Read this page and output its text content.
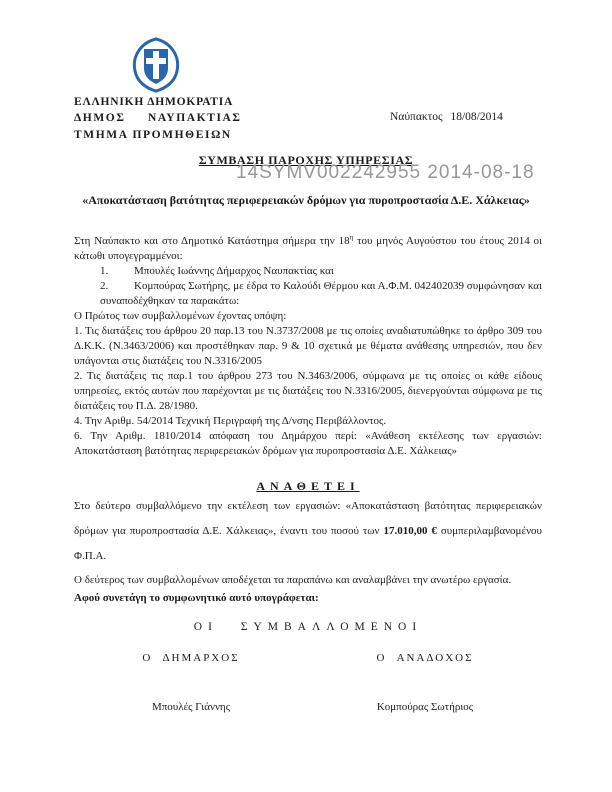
ΕΛΛΗΝΙΚΗ ΔΗΜΟΚΡΑΤΙΑ
ΔΗΜΟΣ ΝΑΥΠΑΚΤΙΑΣ
ΤΜΗΜΑ ΠΡΟΜΗΘΕΙΩΝ
Ναύπακτος 18/08/2014
ΣΥΜΒΑΣΗ ΠΑΡΟΧΗΣ ΥΠΗΡΕΣΙΑΣ
14SYMV002242955 2014-08-18
«Αποκατάσταση βατότητας περιφερειακών δρόμων για πυροπροστασία Δ.Ε. Χάλκειας»

Στη Ναύπακτο και στο Δημοτικό Κατάστημα σήμερα την $18^\eta$ του μηνός Αυγούστου του έτους 2014 οι κάτωθι υπογεγραμμένοι:

1. Μπουλές Ιωάννης Δήμαρχος Ναυπακτίας και
2. Κομπούρας Σωτήρης, με έδρα το Καλούδι Θέρμου και Α.Φ.Μ. 042402039 συμφώνησαν και συναποδέχθηκαν τα παρακάτω:

Ο Πρώτος των συμβαλλομένων έχοντας υπόψη:

1. Τις διατάξεις του άρθρου 20 παρ.13 του Ν.3737/2008 με τις οποίες αναδιατυπώθηκε το άρθρο 309 του Δ.Κ.Κ. (Ν.3463/2006) και προστέθηκαν παρ. 9 & 10 σχετικά με θέματα ανάθεσης υπηρεσιών, που δεν υπάγονται στις διατάξεις του Ν.3316/2005

2. Τις διατάξεις τις παρ.1 του άρθρου 273 του Ν.3463/2006, σύμφωνα με τις οποίες οι κάθε είδους υπηρεσίες, εκτός αυτών που παρέχονται με τις διατάξεις του Ν.3316/2005, διενεργούνται σύμφωνα με τις διατάξεις του Π.Δ. 28/1980.

4. Την Αριθμ. 54/2014 Τεχνική Περιγραφή της Δ/νσης Περιβάλλοντος.

6. Την Αριθμ. 1810/2014 απόφαση του Δημάρχου περί: «Ανάθεση εκτέλεσης των εργασιών: Αποκατάσταση βατότητας περιφερειακών δρόμων για πυροπροστασία Δ.Ε. Χάλκειας»

ΑΝΑΘΕΤΕΙ

Στο δεύτερο συμβαλλόμενο την εκτέλεση των εργασιών: «Αποκατάσταση βατότητας περιφερειακών δρόμων για πυροπροστασία Δ.Ε. Χάλκειας», έναντι του ποσού των 17.010,00 € συμπεριλαμβανομένου Φ.Π.Α.

Ο δεύτερος των συμβαλλομένων αποδέχεται τα παραπάνω και αναλαμβάνει την ανωτέρω εργασία.

Αφού συνετάγη το συμφωνητικό αυτό υπογράφεται:

ΟΙ ΣΥΜΒΑΛΛΟΜΕΝΟΙ
Ο ΔΗΜΑΡΧΟΣ	Ο ΑΝΑΔΟΧΟΣ
Μπουλές Γιάννης	Κομπούρας Σωτήριος
